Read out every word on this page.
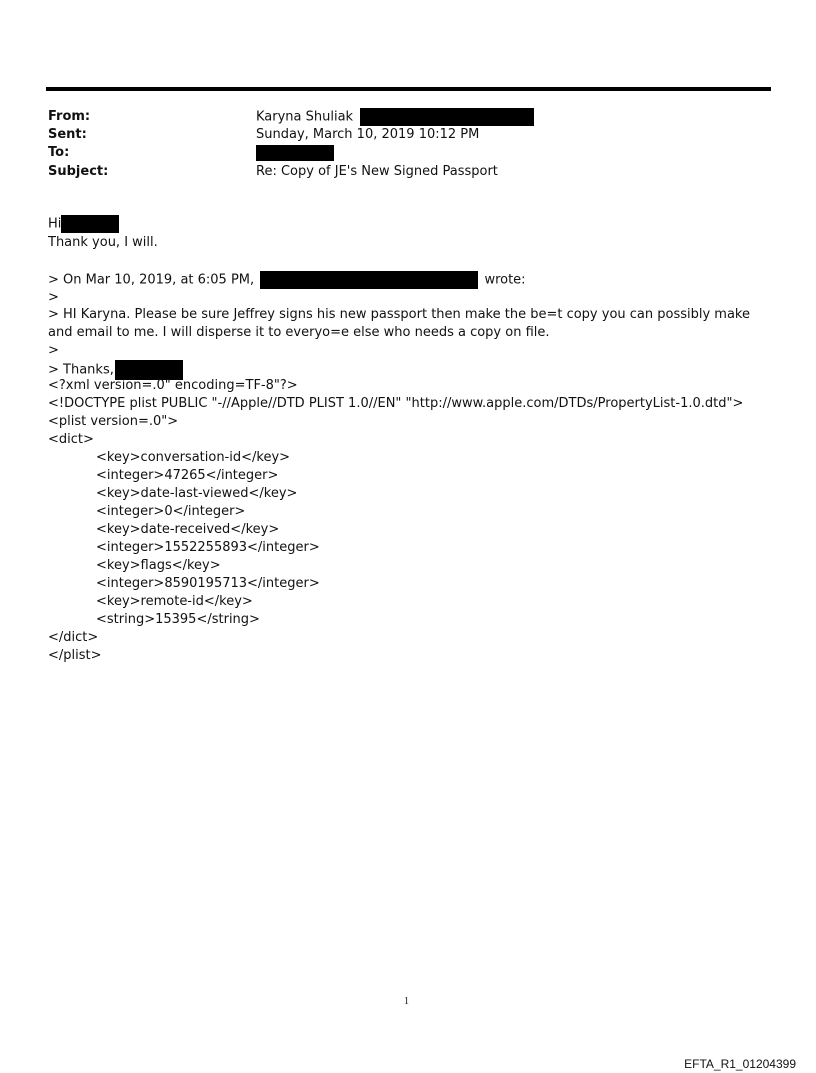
From:	Karyna Shuliak
Sent:	Sunday, March 10, 2019 10:12 PM
To:
Subject:	Re: Copy of JE's New Signed Passport
Hi
Thank you, I will.
> On Mar 10, 2019, at 6:05 PM,	wrote:
>
> HI Karyna. Please be sure Jeffrey signs his new passport then make the be=t copy you can possibly make and email to me. I will disperse it to everyo=e else who needs a copy on file.
>
> Thanks,
<?xml version=.0" encoding=TF-8"?>
<!DOCTYPE plist PUBLIC "-//Apple//DTD PLIST 1.0//EN" "http://www.apple.com/DTDs/PropertyList-1.0.dtd">
<plist version=.0">
<dict>
<key>conversation-id</key>
<integer>47265</integer>
<key>date-last-viewed</key>
<integer>0</integer>
<key>date-received</key>
<integer>1552255893</integer>
<key>flags</key>
<integer>8590195713</integer>
<key>remote-id</key>
<string>15395</string>
</dict>
</plist>
1
EFTA_R1_01204399
